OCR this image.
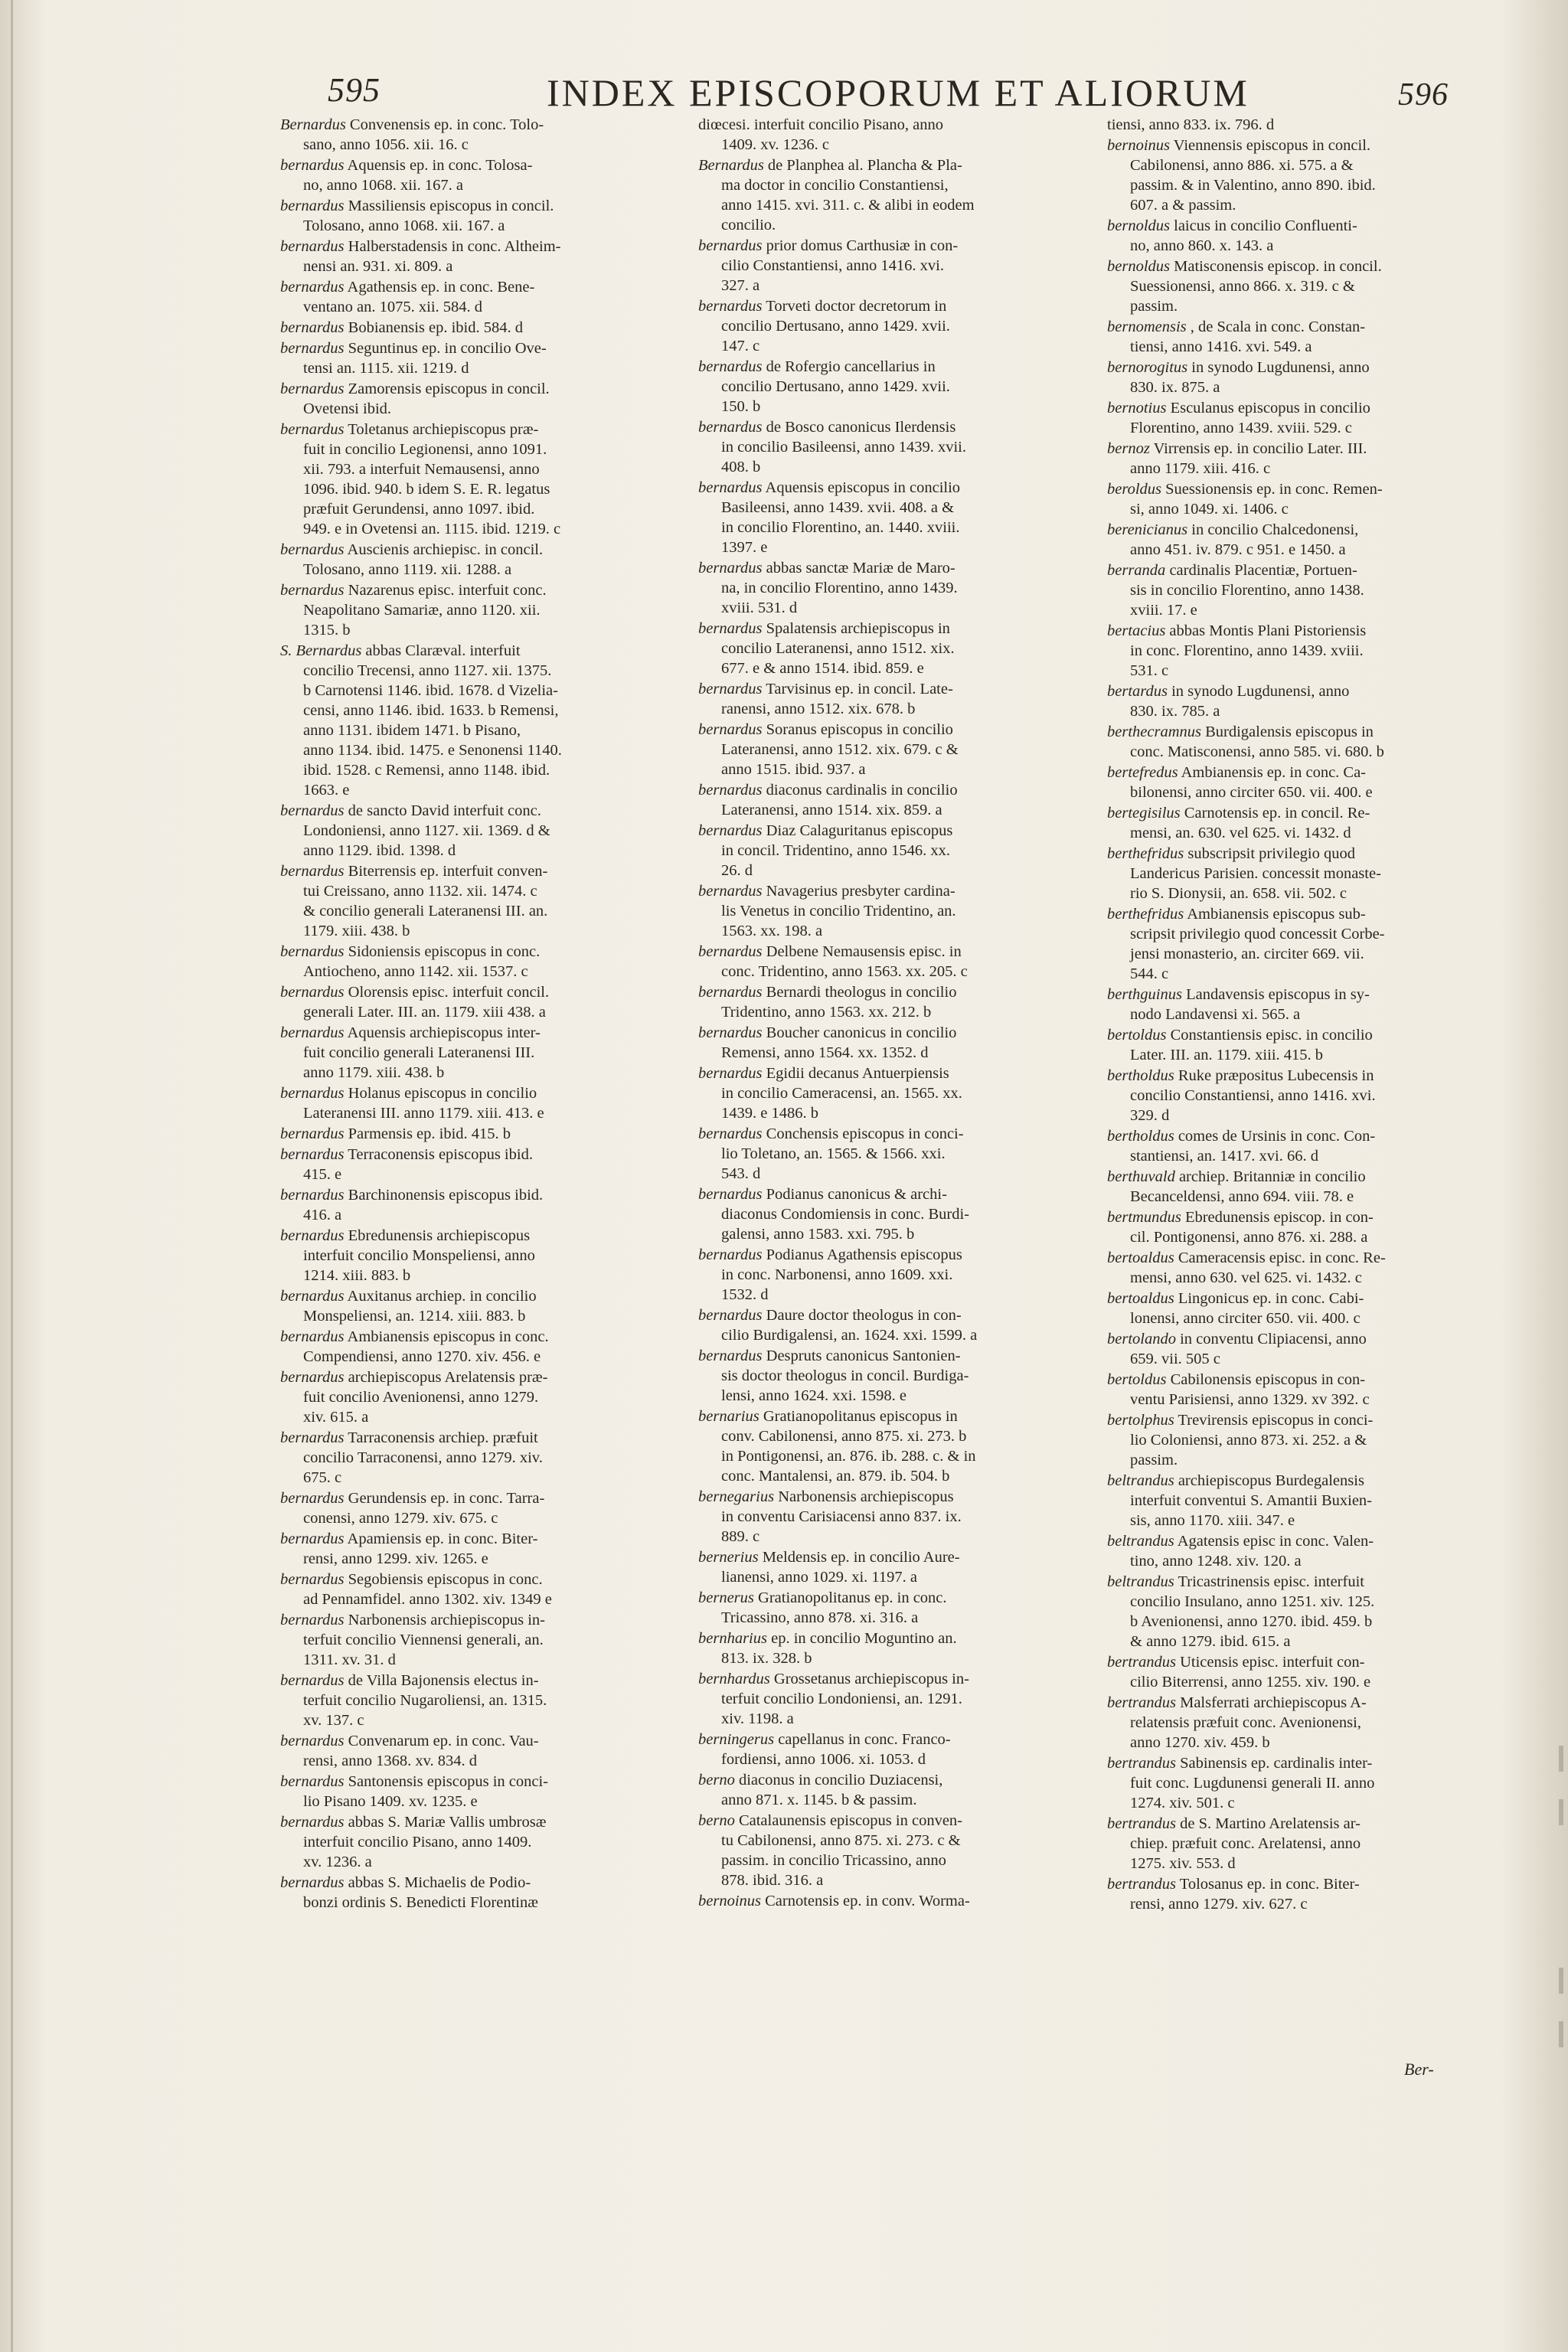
595	INDEX EPISCOPORUM ET ALIORUM	596
Bernardus Convenensis ep. in conc. Tolo-
sano, anno 1056. xii. 16. c
bernardus Aquensis ep. in conc. Tolosa-
no, anno 1068. xii. 167. a
bernardus Massiliensis episcopus in concil.
Tolosano, anno 1068. xii. 167. a
bernardus Halberstadensis in conc. Altheim-
nensi an. 931. xi. 809. a
bernardus Agathensis ep. in conc. Bene-
ventano an. 1075. xii. 584. d
bernardus Bobianensis ep. ibid. 584. d
bernardus Seguntinus ep. in concilio Ove-
tensi an. 1115. xii. 1219. d
bernardus Zamorensis episcopus in concil.
Ovetensi ibid.
bernardus Toletanus archiepiscopus præ-
fuit in concilio Legionensi, anno 1091.
xii. 793. a interfuit Nemausensi, anno
1096. ibid. 940. b idem S. E. R. legatus
præfuit Gerundensi, anno 1097. ibid.
949. e in Ovetensi an. 1115. ibid. 1219. c
bernardus Auscienis archiepisc. in concil.
Tolosano, anno 1119. xii. 1288. a
bernardus Nazarenus episc. interfuit conc.
Neapolitano Samariæ, anno 1120. xii.
1315. b
S. Bernardus abbas Claræval. interfuit
concilio Trecensi, anno 1127. xii. 1375.
b Carnotensi 1146. ibid. 1678. d Vizelia-
censi, anno 1146. ibid. 1633. b Remensi,
anno 1131. ibidem 1471. b Pisano,
anno 1134. ibid. 1475. e Senonensi 1140.
ibid. 1528. c Remensi, anno 1148. ibid.
1663. e
bernardus de sancto David interfuit conc.
Londoniensi, anno 1127. xii. 1369. d &
anno 1129. ibid. 1398. d
bernardus Biterrensis ep. interfuit conven-
tui Creissano, anno 1132. xii. 1474. c
& concilio generali Lateranensi III. an.
1179. xiii. 438. b
bernardus Sidoniensis episcopus in conc.
Antiocheno, anno 1142. xii. 1537. c
bernardus Olorensis episc. interfuit concil.
generali Later. III. an. 1179. xiii 438. a
bernardus Aquensis archiepiscopus inter-
fuit concilio generali Lateranensi III.
anno 1179. xiii. 438. b
bernardus Holanus episcopus in concilio
Lateranensi III. anno 1179. xiii. 413. e
bernardus Parmensis ep. ibid. 415. b
bernardus Terraconensis episcopus ibid.
415. e
bernardus Barchinonensis episcopus ibid.
416. a
bernardus Ebredunensis archiepiscopus
interfuit concilio Monspeliensi, anno
1214. xiii. 883. b
bernardus Auxitanus archiep. in concilio
Monspeliensi, an. 1214. xiii. 883. b
bernardus Ambianensis episcopus in conc.
Compendiensi, anno 1270. xiv. 456. e
bernardus archiepiscopus Arelatensis præ-
fuit concilio Avenionensi, anno 1279.
xiv. 615. a
bernardus Tarraconensis archiep. præfuit
concilio Tarraconensi, anno 1279. xiv.
675. c
bernardus Gerundensis ep. in conc. Tarra-
conensi, anno 1279. xiv. 675. c
bernardus Apamiensis ep. in conc. Biter-
rensi, anno 1299. xiv. 1265. e
bernardus Segobiensis episcopus in conc.
ad Pennamfidel. anno 1302. xiv. 1349 e
bernardus Narbonensis archiepiscopus in-
terfuit concilio Viennensi generali, an.
1311. xv. 31. d
bernardus de Villa Bajonensis electus in-
terfuit concilio Nugaroliensi, an. 1315.
xv. 137. c
bernardus Convenarum ep. in conc. Vau-
rensi, anno 1368. xv. 834. d
bernardus Santonensis episcopus in conci-
lio Pisano 1409. xv. 1235. e
bernardus abbas S. Mariæ Vallis umbrosæ
interfuit concilio Pisano, anno 1409.
xv. 1236. a
bernardus abbas S. Michaelis de Podio-
bonzi ordinis S. Benedicti Florentinæ
diœcesi. interfuit concilio Pisano, anno
1409. xv. 1236. c
Bernardus de Planphea al. Plancha & Pla-
ma doctor in concilio Constantiensi,
anno 1415. xvi. 311. c. & alibi in eodem
concilio.
bernardus prior domus Carthusiæ in con-
cilio Constantiensi, anno 1416. xvi.
327. a
bernardus Torveti doctor decretorum in
concilio Dertusano, anno 1429. xvii.
147. c
bernardus de Rofergio cancellarius in
concilio Dertusano, anno 1429. xvii.
150. b
bernardus de Bosco canonicus Ilerdensis
in concilio Basileensi, anno 1439. xvii.
408. b
bernardus Aquensis episcopus in concilio
Basileensi, anno 1439. xvii. 408. a &
in concilio Florentino, an. 1440. xviii.
1397. e
bernardus abbas sanctæ Mariæ de Maro-
na, in concilio Florentino, anno 1439.
xviii. 531. d
bernardus Spalatensis archiepiscopus in
concilio Lateranensi, anno 1512. xix.
677. e & anno 1514. ibid. 859. e
bernardus Tarvisinus ep. in concil. Late-
ranensi, anno 1512. xix. 678. b
bernardus Soranus episcopus in concilio
Lateranensi, anno 1512. xix. 679. c &
anno 1515. ibid. 937. a
bernardus diaconus cardinalis in concilio
Lateranensi, anno 1514. xix. 859. a
bernardus Diaz Calaguritanus episcopus
in concil. Tridentino, anno 1546. xx.
26. d
bernardus Navagerius presbyter cardina-
lis Venetus in concilio Tridentino, an.
1563. xx. 198. a
bernardus Delbene Nemausensis episc. in
conc. Tridentino, anno 1563. xx. 205. c
bernardus Bernardi theologus in concilio
Tridentino, anno 1563. xx. 212. b
bernardus Boucher canonicus in concilio
Remensi, anno 1564. xx. 1352. d
bernardus Egidii decanus Antuerpiensis
in concilio Cameracensi, an. 1565. xx.
1439. e 1486. b
bernardus Conchensis episcopus in conci-
lio Toletano, an. 1565. & 1566. xxi.
543. d
bernardus Podianus canonicus & archi-
diaconus Condomiensis in conc. Burdi-
galensi, anno 1583. xxi. 795. b
bernardus Podianus Agathensis episcopus
in conc. Narbonensi, anno 1609. xxi.
1532. d
bernardus Daure doctor theologus in con-
cilio Burdigalensi, an. 1624. xxi. 1599. a
bernardus Despruts canonicus Santonien-
sis doctor theologus in concil. Burdiga-
lensi, anno 1624. xxi. 1598. e
bernarius Gratianopolitanus episcopus in
conv. Cabilonensi, anno 875. xi. 273. b
in Pontigonensi, an. 876. ib. 288. c. & in
conc. Mantalensi, an. 879. ib. 504. b
bernegarius Narbonensis archiepiscopus
in conventu Carisiacensi anno 837. ix.
889. c
bernerius Meldensis ep. in concilio Aure-
lianensi, anno 1029. xi. 1197. a
bernerus Gratianopolitanus ep. in conc.
Tricassino, anno 878. xi. 316. a
bernharius ep. in concilio Moguntino an.
813. ix. 328. b
bernhardus Grossetanus archiepiscopus in-
terfuit concilio Londoniensi, an. 1291.
xiv. 1198. a
berningerus capellanus in conc. Franco-
fordiensi, anno 1006. xi. 1053. d
berno diaconus in concilio Duziacensi,
anno 871. x. 1145. b & passim.
berno Catalaunensis episcopus in conven-
tu Cabilonensi, anno 875. xi. 273. c &
passim. in concilio Tricassino, anno
878. ibid. 316. a
bernoinus Carnotensis ep. in conv. Worma-
tiensi, anno 833. ix. 796. d
bernoinus Viennensis episcopus in concil.
Cabilonensi, anno 886. xi. 575. a &
passim. & in Valentino, anno 890. ibid.
607. a & passim.
bernoldus laicus in concilio Confluenti-
no, anno 860. x. 143. a
bernoldus Matisconensis episcop. in concil.
Suessionensi, anno 866. x. 319. c &
passim.
bernomensis , de Scala in conc. Constan-
tiensi, anno 1416. xvi. 549. a
bernorogitus in synodo Lugdunensi, anno
830. ix. 875. a
bernotius Esculanus episcopus in concilio
Florentino, anno 1439. xviii. 529. c
bernoz Virrensis ep. in concilio Later. III.
anno 1179. xiii. 416. c
beroldus Suessionensis ep. in conc. Remen-
si, anno 1049. xi. 1406. c
berenicianus in concilio Chalcedonensi,
anno 451. iv. 879. c 951. e 1450. a
berranda cardinalis Placentiæ, Portuen-
sis in concilio Florentino, anno 1438.
xviii. 17. e
bertacius abbas Montis Plani Pistoriensis
in conc. Florentino, anno 1439. xviii.
531. c
bertardus in synodo Lugdunensi, anno
830. ix. 785. a
berthecramnus Burdigalensis episcopus in
conc. Matisconensi, anno 585. vi. 680. b
bertefredus Ambianensis ep. in conc. Ca-
bilonensi, anno circiter 650. vii. 400. e
bertegisilus Carnotensis ep. in concil. Re-
mensi, an. 630. vel 625. vi. 1432. d
berthefridus subscripsit privilegio quod
Landericus Parisien. concessit monaste-
rio S. Dionysii, an. 658. vii. 502. c
berthefridus Ambianensis episcopus sub-
scripsit privilegio quod concessit Corbe-
jensi monasterio, an. circiter 669. vii.
544. c
berthguinus Landavensis episcopus in sy-
nodo Landavensi xi. 565. a
bertoldus Constantiensis episc. in concilio
Later. III. an. 1179. xiii. 415. b
bertholdus Ruke præpositus Lubecensis in
concilio Constantiensi, anno 1416. xvi.
329. d
bertholdus comes de Ursinis in conc. Con-
stantiensi, an. 1417. xvi. 66. d
berthuvald archiep. Britanniæ in concilio
Becanceldensi, anno 694. viii. 78. e
bertmundus Ebredunensis episcop. in con-
cil. Pontigonensi, anno 876. xi. 288. a
bertoaldus Cameracensis episc. in conc. Re-
mensi, anno 630. vel 625. vi. 1432. c
bertoaldus Lingonicus ep. in conc. Cabi-
lonensi, anno circiter 650. vii. 400. c
bertolando in conventu Clipiacensi, anno
659. vii. 505 c
bertoldus Cabilonensis episcopus in con-
ventu Parisiensi, anno 1329. xv 392. c
bertolphus Trevirensis episcopus in conci-
lio Coloniensi, anno 873. xi. 252. a &
passim.
beltrandus archiepiscopus Burdegalensis
interfuit conventui S. Amantii Buxien-
sis, anno 1170. xiii. 347. e
beltrandus Agatensis episc in conc. Valen-
tino, anno 1248. xiv. 120. a
beltrandus Tricastrinensis episc. interfuit
concilio Insulano, anno 1251. xiv. 125.
b Avenionensi, anno 1270. ibid. 459. b
& anno 1279. ibid. 615. a
bertrandus Uticensis episc. interfuit con-
cilio Biterrensi, anno 1255. xiv. 190. e
bertrandus Malsferrati archiepiscopus A-
relatensis præfuit conc. Avenionensi,
anno 1270. xiv. 459. b
bertrandus Sabinensis ep. cardinalis inter-
fuit conc. Lugdunensi generali II. anno
1274. xiv. 501. c
bertrandus de S. Martino Arelatensis ar-
chiep. præfuit conc. Arelatensi, anno
1275. xiv. 553. d
bertrandus Tolosanus ep. in conc. Biter-
rensi, anno 1279. xiv. 627. c
Ber-
